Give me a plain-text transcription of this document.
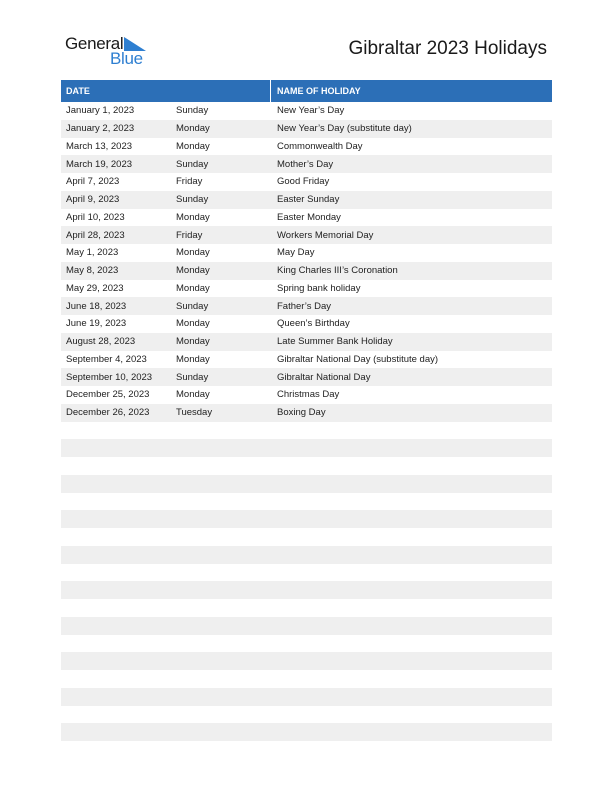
General
Blue	Gibraltar 2023 Holidays
DATE	NAME OF HOLIDAY
January 1, 2023	Sunday	New Year’s Day
January 2, 2023	Monday	New Year’s Day (substitute day)
March 13, 2023	Monday	Commonwealth Day
March 19, 2023	Sunday	Mother’s Day
April 7, 2023	Friday	Good Friday
April 9, 2023	Sunday	Easter Sunday
April 10, 2023	Monday	Easter Monday
April 28, 2023	Friday	Workers Memorial Day
May 1, 2023	Monday	May Day
May 8, 2023	Monday	King Charles III’s Coronation
May 29, 2023	Monday	Spring bank holiday
June 18, 2023	Sunday	Father’s Day
June 19, 2023	Monday	Queen’s Birthday
August 28, 2023	Monday	Late Summer Bank Holiday
September 4, 2023	Monday	Gibraltar National Day (substitute day)
September 10, 2023	Sunday	Gibraltar National Day
December 25, 2023	Monday	Christmas Day
December 26, 2023	Tuesday	Boxing Day
